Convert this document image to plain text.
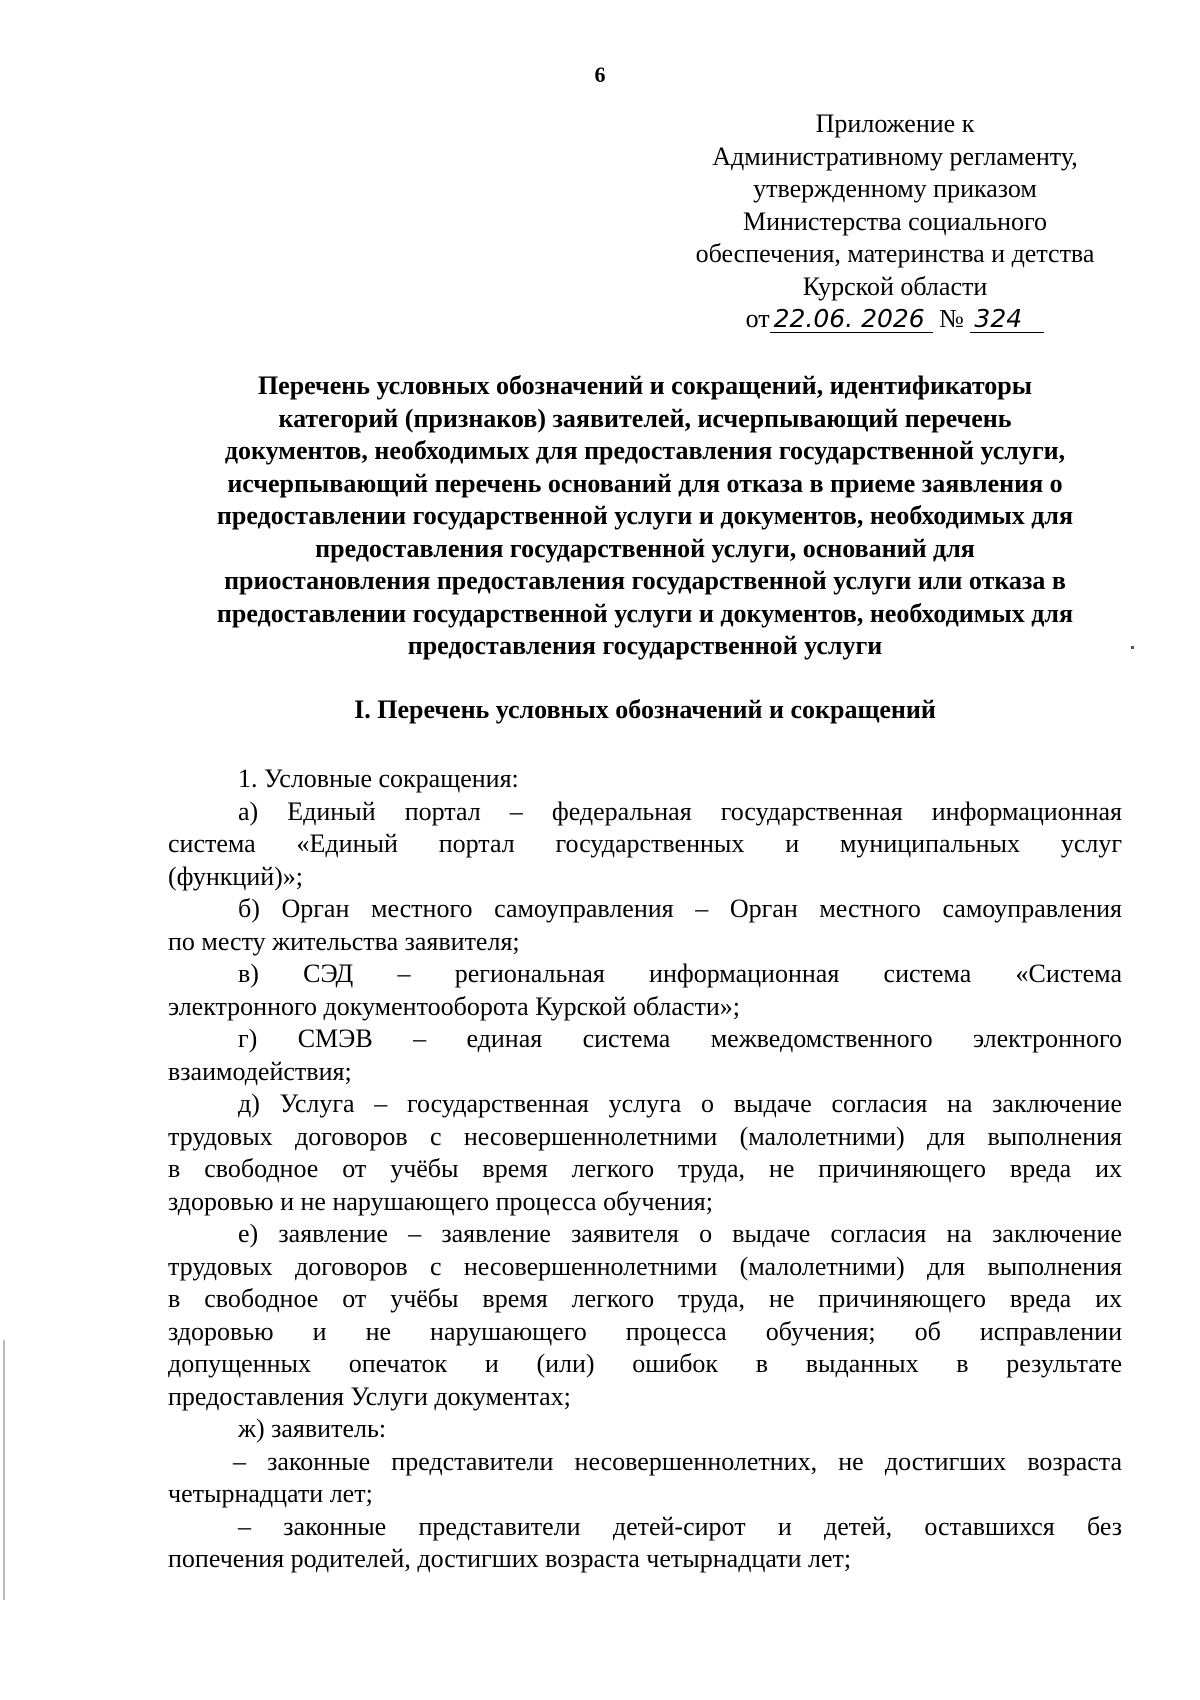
6
Приложение к
Административному регламенту,
утвержденному приказом
Министерства социального
обеспечения, материнства и детства
Курской области
от 22.06. 2026 № 324
Перечень условных обозначений и сокращений, идентификаторы
категорий (признаков) заявителей, исчерпывающий перечень
документов, необходимых для предоставления государственной услуги,
исчерпывающий перечень оснований для отказа в приеме заявления о
предоставлении государственной услуги и документов, необходимых для
предоставления государственной услуги, оснований для
приостановления предоставления государственной услуги или отказа в
предоставлении государственной услуги и документов, необходимых для
предоставления государственной услуги
I. Перечень условных обозначений и сокращений
1. Условные сокращения:
а) Единый портал – федеральная государственная информационная
система «Единый портал государственных и муниципальных услуг
(функций)»;
б) Орган местного самоуправления – Орган местного самоуправления
по месту жительства заявителя;
в) СЭД – региональная информационная система «Система
электронного документооборота Курской области»;
г) СМЭВ – единая система межведомственного электронного
взаимодействия;
д) Услуга – государственная услуга о выдаче согласия на заключение
трудовых договоров с несовершеннолетними (малолетними) для выполнения
в свободное от учёбы время легкого труда, не причиняющего вреда их
здоровью и не нарушающего процесса обучения;
е) заявление – заявление заявителя о выдаче согласия на заключение
трудовых договоров с несовершеннолетними (малолетними) для выполнения
в свободное от учёбы время легкого труда, не причиняющего вреда их
здоровью и не нарушающего процесса обучения; об исправлении
допущенных опечаток и (или) ошибок в выданных в результате
предоставления Услуги документах;
ж) заявитель:
– законные представители несовершеннолетних, не достигших возраста
четырнадцати лет;
– законные представители детей-сирот и детей, оставшихся без
попечения родителей, достигших возраста четырнадцати лет;
